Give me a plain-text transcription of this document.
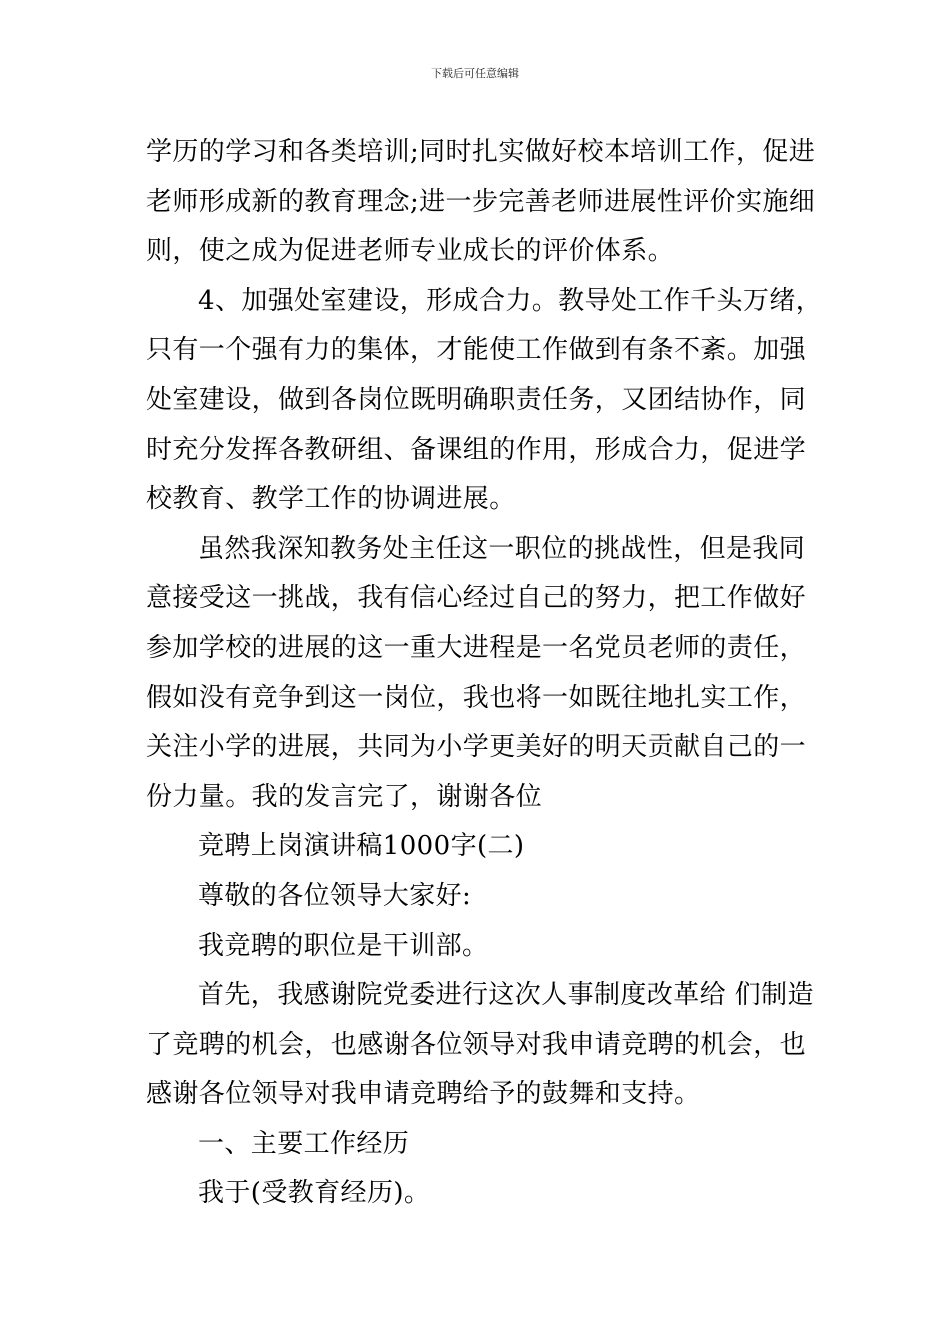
下载后可任意编辑

学历的学习和各类培训;同时扎实做好校本培训工作，促进
老师形成新的教育理念;进一步完善老师进展性评价实施细
则，使之成为促进老师专业成长的评价体系。

4、加强处室建设，形成合力。教导处工作千头万绪，
只有一个强有力的集体，才能使工作做到有条不紊。加强
处室建设，做到各岗位既明确职责任务，又团结协作，同
时充分发挥各教研组、备课组的作用，形成合力，促进学
校教育、教学工作的协调进展。

虽然我深知教务处主任这一职位的挑战性，但是我同
意接受这一挑战，我有信心经过自己的努力，把工作做好
参加学校的进展的这一重大进程是一名党员老师的责任，
假如没有竞争到这一岗位，我也将一如既往地扎实工作，
关注小学的进展，共同为小学更美好的明天贡献自己的一
份力量。我的发言完了，谢谢各位

竞聘上岗演讲稿1000字(二)

尊敬的各位领导大家好:

我竞聘的职位是干训部。

首先，我感谢院党委进行这次人事制度改革给 们制造
了竞聘的机会，也感谢各位领导对我申请竞聘的机会，也
感谢各位领导对我申请竞聘给予的鼓舞和支持。

一、主要工作经历

我于(受教育经历)。
